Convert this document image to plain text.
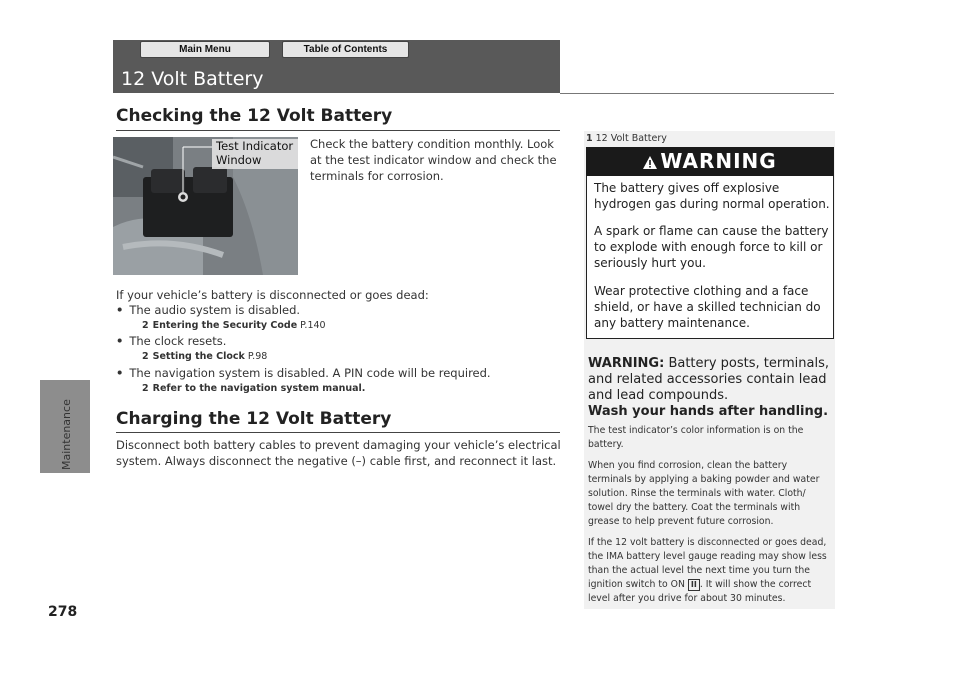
Maintenance
278
Main Menu	Table of Contents
12 Volt Battery
Checking the 12 Volt Battery
Test Indicator
Window
Check the battery condition monthly. Look at the test indicator window and check the terminals for corrosion.
If your vehicle’s battery is disconnected or goes dead:
• The audio system is disabled.
2 Entering the Security Code P.140
• The clock resets.
2 Setting the Clock P.98
• The navigation system is disabled. A PIN code will be required.
2 Refer to the navigation system manual.
Charging the 12 Volt Battery
Disconnect both battery cables to prevent damaging your vehicle’s electrical system. Always disconnect the negative (–) cable first, and reconnect it last.
1 12 Volt Battery
WARNING
The battery gives off explosive hydrogen gas during normal operation.
A spark or flame can cause the battery to explode with enough force to kill or seriously hurt you.
Wear protective clothing and a face shield, or have a skilled technician do any battery maintenance.
WARNING: Battery posts, terminals, and related accessories contain lead and lead compounds.
Wash your hands after handling.
The test indicator’s color information is on the battery.
When you find corrosion, clean the battery terminals by applying a baking powder and water solution. Rinse the terminals with water. Cloth/ towel dry the battery. Coat the terminals with grease to help prevent future corrosion.
If the 12 volt battery is disconnected or goes dead, the IMA battery level gauge reading may show less than the actual level the next time you turn the ignition switch to ON II . It will show the correct level after you drive for about 30 minutes.
